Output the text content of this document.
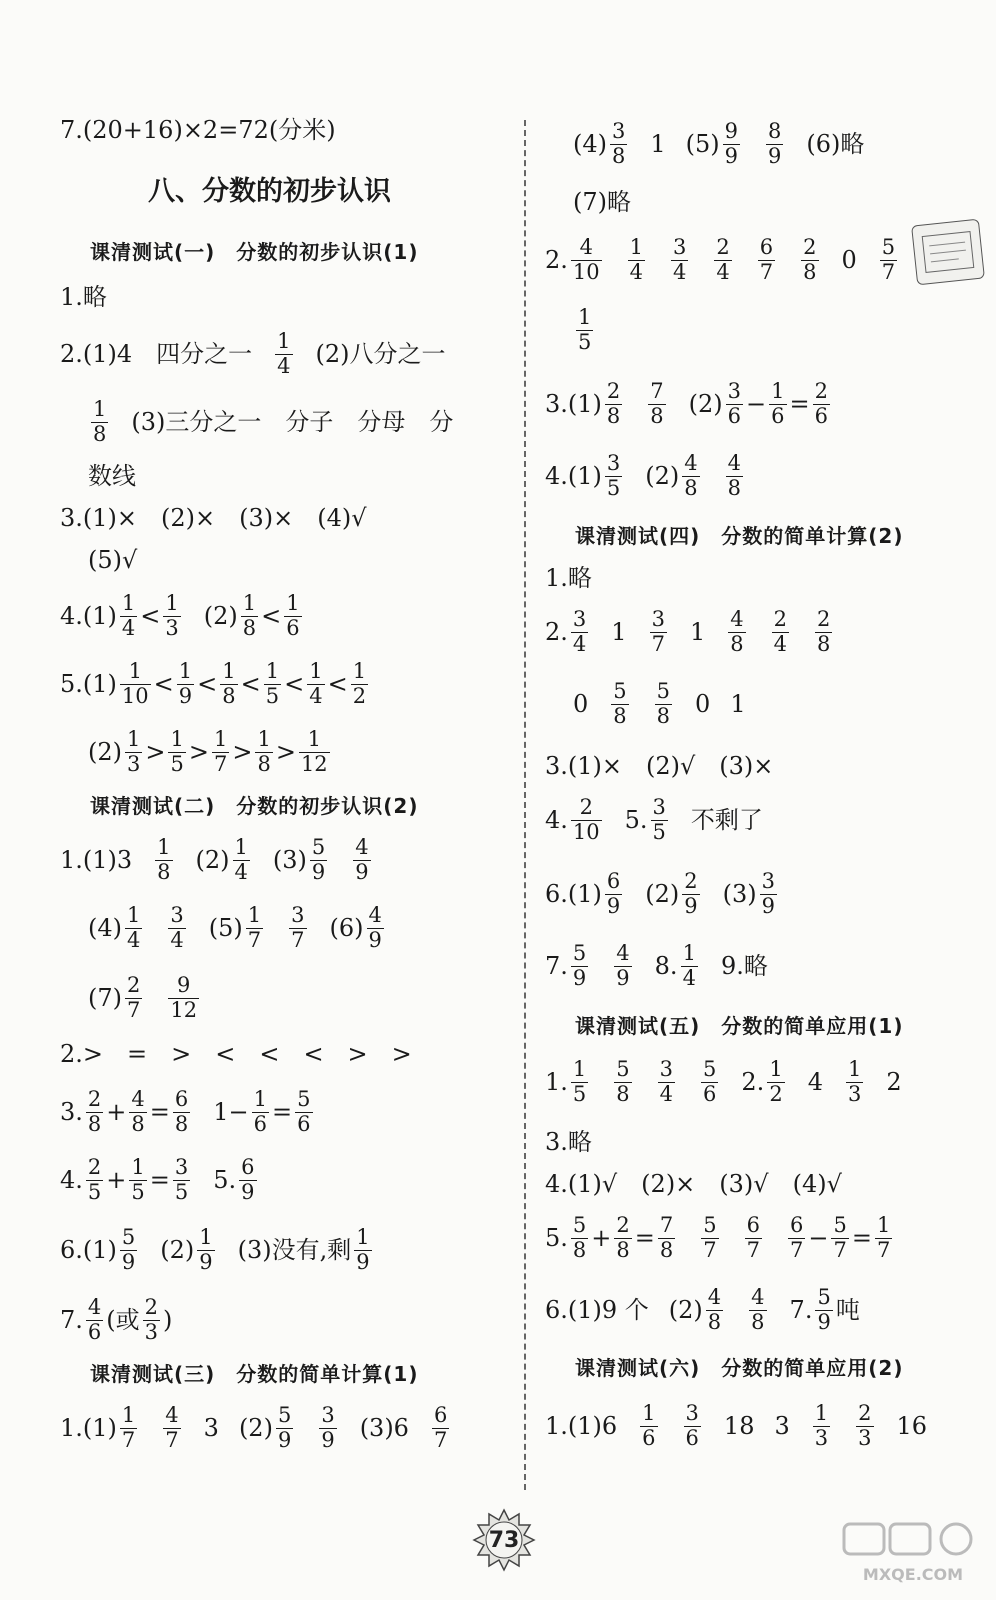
7.(20+16)×2=72(分米)
八、分数的初步认识
课清测试(一)　分数的初步认识(1)
1.略
2.(1)4　四分之一 $\frac{1}{4} (2)$八分之一
$\frac{1}{8} (3)$三分之一　分子　分母　分
数线
3.(1)×　(2)×　(3)×　(4)√
(5)√
$4.(1) \frac{1}{4} < \frac{1}{3} (2) \frac{1}{8} < \frac{1}{6}$
$5.(1) \frac{1}{10} < \frac{1}{9} < \frac{1}{8} < \frac{1}{5} < \frac{1}{4} < \frac{1}{2}$
$(2) \frac{1}{3} > \frac{1}{5} > \frac{1}{7} > \frac{1}{8} > \frac{1}{12}$
课清测试(二)　分数的初步认识(2)
$1.(1)3 \frac{1}{8} (2) \frac{1}{4} (3) \frac{5}{9} \frac{4}{9}$
$(4) \frac{1}{4} \frac{3}{4} (5) \frac{1}{7} \frac{3}{7} (6) \frac{4}{9}$
$(7) \frac{2}{7} \frac{9}{12}$
2.>　=　>　<　<　<　>　>
3. $\frac{2}{8} + \frac{4}{8} = \frac{6}{8} 1- \frac{1}{6} = \frac{5}{6}$
4. $\frac{2}{5} + \frac{1}{5} = \frac{3}{5} 5$. $\frac{6}{9}$
$6.(1) \frac{5}{9} (2) \frac{1}{9} (3)$没有,剩 $\frac{1}{9}$
7. $\frac{4}{6}$ (或 $\frac{2}{3}$ )
课清测试(三)　分数的简单计算(1)
$1.(1) \frac{1}{7} \frac{4}{7} 3$ $(2) \frac{5}{9} \frac{3}{9} (3)6 \frac{6}{7}$
$(4) \frac{3}{8} 1$ $(5) \frac{9}{9} \frac{8}{9} (6)$略
(7)略
2. $\frac{4}{10} \frac{1}{4} \frac{3}{4} \frac{2}{4} \frac{6}{7} \frac{2}{8} 0 \frac{5}{7}$
$\frac{1}{5}$
$3.(1) \frac{2}{8} \frac{7}{8} (2) \frac{3}{6} - \frac{1}{6} = \frac{2}{6}$
$4.(1) \frac{3}{5} (2) \frac{4}{8} \frac{4}{8}$
课清测试(四)　分数的简单计算(2)
1.略
2. $\frac{3}{4} 1 \frac{3}{7} 1 \frac{4}{8} \frac{2}{4} \frac{2}{8}$
$0 \frac{5}{8} \frac{5}{8} 0$ 1
3.(1)×　(2)√　(3)×
4. $\frac{2}{10} 5$. $\frac{3}{5}$ 不剩了
$6.(1) \frac{6}{9} (2) \frac{2}{9} (3) \frac{3}{9}$
7. $\frac{5}{9} \frac{4}{9} 8$. $\frac{1}{4} 9$.略
课清测试(五)　分数的简单应用(1)
1. $\frac{1}{5} \frac{5}{8} \frac{3}{4} \frac{5}{6} 2$. $\frac{1}{2} 4 \frac{1}{3} 2$
3.略
4.(1)√　(2)×　(3)√　(4)√
5. $\frac{5}{8} + \frac{2}{8} = \frac{7}{8} \frac{5}{7} \frac{6}{7} \frac{6}{7} - \frac{5}{7} = \frac{1}{7}$
6.(1)9 个 $(2) \frac{4}{8} \frac{4}{8} 7$. $\frac{5}{9}$ 吨
课清测试(六)　分数的简单应用(2)
$1.(1)6 \frac{1}{6} \frac{3}{6} 18$ $3 \frac{1}{3} \frac{2}{3} 16$
73
MXQE.COM
